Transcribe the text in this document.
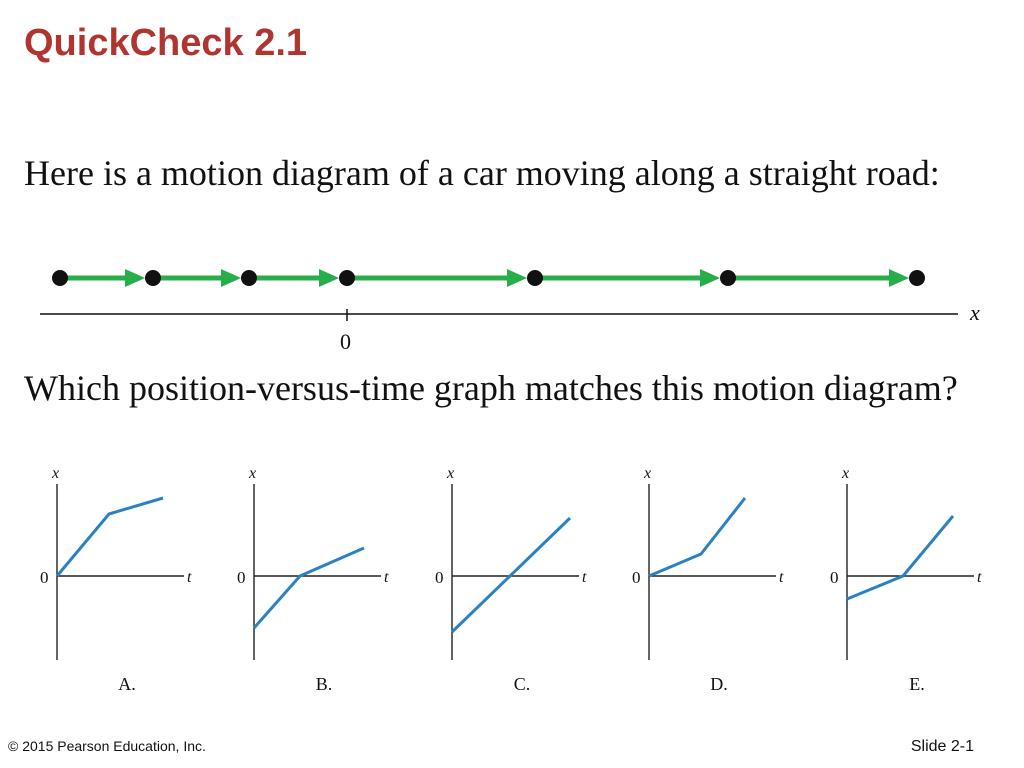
QuickCheck 2.1

Here is a motion diagram of a car moving along a straight road:

Which position-versus-time graph matches this motion diagram?

x
0
x
t
0
A.
x
t
0
B.
x
t
0
C.
x
t
0
D.
x
t
0
E.
© 2015 Pearson Education, Inc.	Slide 2-1
